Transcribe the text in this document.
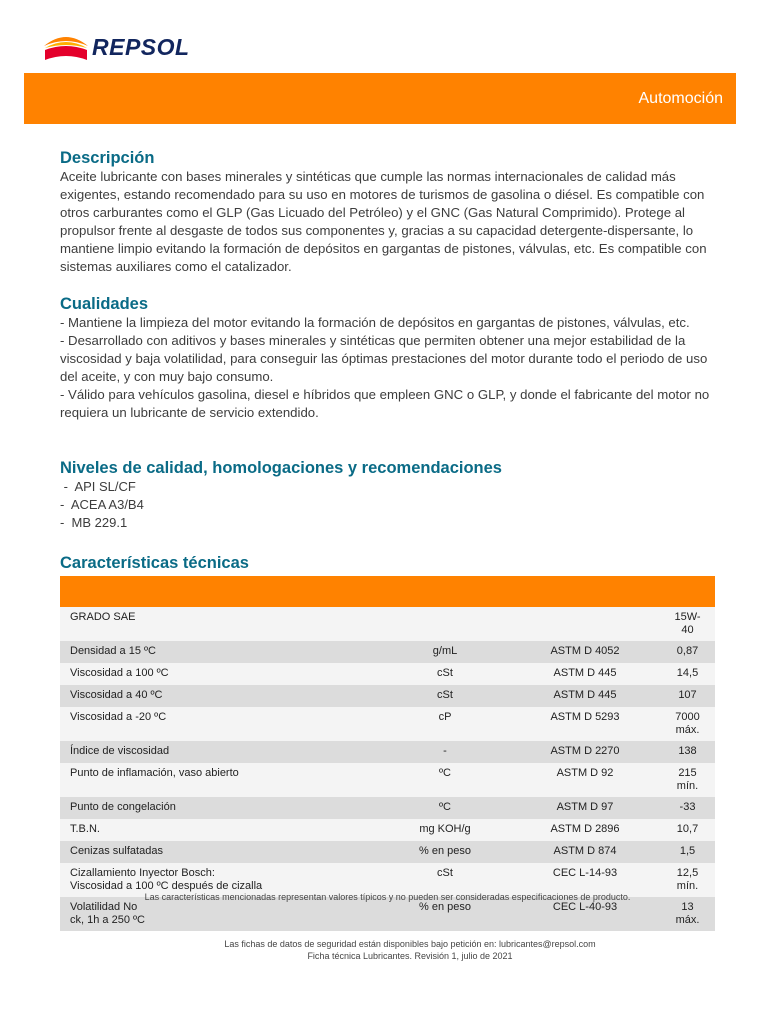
REPSOL
Automoción
Descripción

Aceite lubricante con bases minerales y sintéticas que cumple las normas internacionales de calidad más exigentes, estando recomendado para su uso en motores de turismos de gasolina o diésel. Es compatible con otros carburantes como el GLP (Gas Licuado del Petróleo) y el GNC (Gas Natural Comprimido). Protege al propulsor frente al desgaste de todos sus componentes y, gracias a su capacidad detergente-dispersante, lo mantiene limpio evitando la formación de depósitos en gargantas de pistones, válvulas, etc. Es compatible con sistemas auxiliares como el catalizador.

Cualidades
- Mantiene la limpieza del motor evitando la formación de depósitos en gargantas de pistones, válvulas, etc.
- Desarrollado con aditivos y bases minerales y sintéticas que permiten obtener una mejor estabilidad de la viscosidad y baja volatilidad, para conseguir las óptimas prestaciones del motor durante todo el periodo de uso del aceite, y con muy bajo consumo.
- Válido para vehículos gasolina, diesel e híbridos que empleen GNC o GLP, y donde el fabricante del motor no requiera un lubricante de servicio extendido.
Niveles de calidad, homologaciones y recomendaciones
-  API SL/CF
-  ACEA A3/B4
-  MB 229.1
Características técnicas
GRADO SAE			15W-40
Densidad a 15 ºC	g/mL	ASTM D 4052	0,87
Viscosidad a 100 ºC	cSt	ASTM D 445	14,5
Viscosidad a 40 ºC	cSt	ASTM D 445	107
Viscosidad a -20 ºC	cP	ASTM D 5293	7000 máx.
Índice de viscosidad	-	ASTM D 2270	138
Punto de inflamación, vaso abierto	ºC	ASTM D 92	215 mín.
Punto de congelación	ºC	ASTM D 97	-33
T.B.N.	mg KOH/g	ASTM D 2896	10,7
Cenizas sulfatadas	% en peso	ASTM D 874	1,5

Cizallamiento Inyector Bosch:
Viscosidad a 100 ºC después de cizalla	cSt	CEC L-14-93	12,5 mín.

Volatilidad No
ck, 1h a 250 ºC	% en peso	CEC L-40-93	13 máx.
Las características mencionadas representan valores típicos y no pueden ser consideradas especificaciones de producto.
Las fichas de datos de seguridad están disponibles bajo petición en: lubricantes@repsol.com
Ficha técnica Lubricantes. Revisión 1, julio de 2021
